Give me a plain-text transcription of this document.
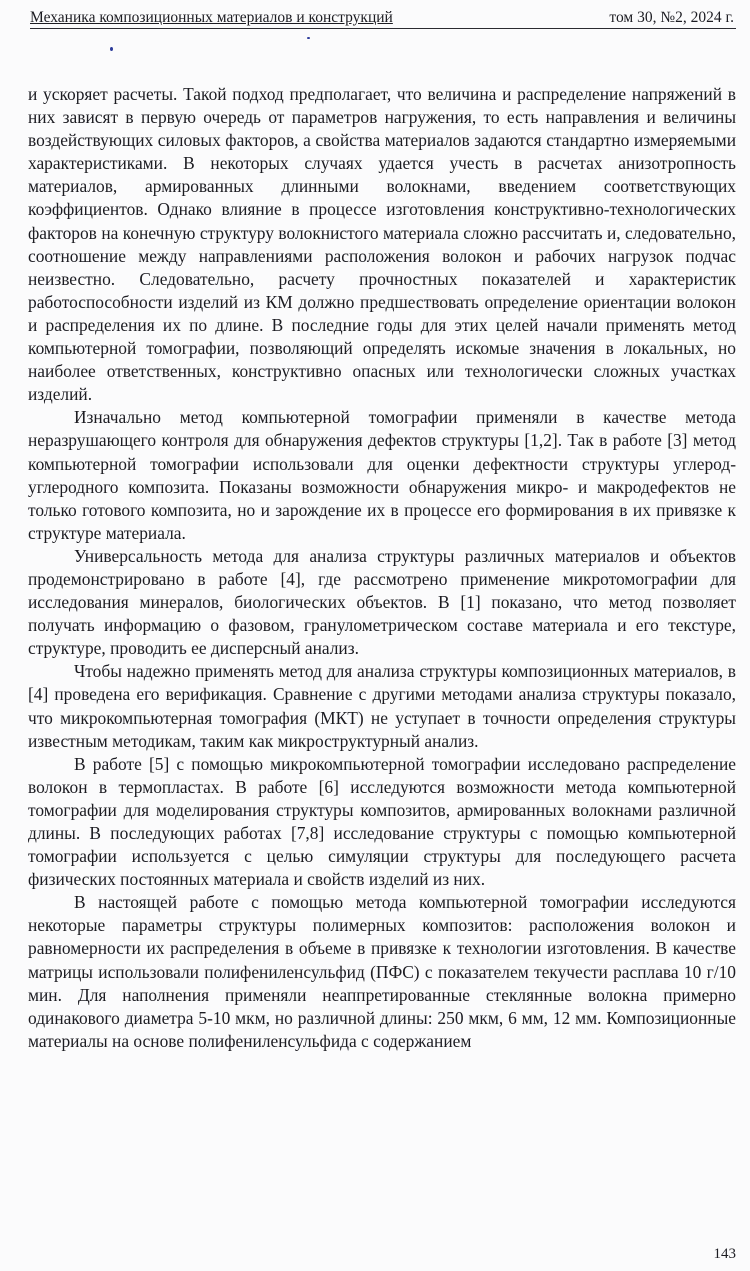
Механика композиционных материалов и конструкций	том 30, №2, 2024 г.

и ускоряет расчеты. Такой подход предполагает, что величина и распределение напряжений в них зависят в первую очередь от параметров нагружения, то есть направления и величины воздействующих силовых факторов, а свойства материалов задаются стандартно измеряемыми характеристиками. В некоторых случаях удается учесть в расчетах анизотропность материалов, армированных длинными волокнами, введением соответствующих коэффициентов. Однако влияние в процессе изготовления конструктивно-технологических факторов на конечную структуру волокнистого материала сложно рассчитать и, следовательно, соотношение между направлениями расположения волокон и рабочих нагрузок подчас неизвестно. Следовательно, расчету прочностных показателей и характеристик работоспособности изделий из КМ должно предшествовать определение ориентации волокон и распределения их по длине. В последние годы для этих целей начали применять метод компьютерной томографии, позволяющий определять искомые значения в локальных, но наиболее ответственных, конструктивно опасных или технологически сложных участках изделий.

Изначально метод компьютерной томографии применяли в качестве метода неразрушающего контроля для обнаружения дефектов структуры [1,2]. Так в работе [3] метод компьютерной томографии использовали для оценки дефектности структуры углерод-углеродного композита. Показаны возможности обнаружения микро- и макродефектов не только готового композита, но и зарождение их в процессе его формирования в их привязке к структуре материала.

Универсальность метода для анализа структуры различных материалов и объектов продемонстрировано в работе [4], где рассмотрено применение микротомографии для исследования минералов, биологических объектов. В [1] показано, что метод позволяет получать информацию о фазовом, гранулометрическом составе материала и его текстуре, структуре, проводить ее дисперсный анализ.

Чтобы надежно применять метод для анализа структуры композиционных материалов, в [4] проведена его верификация. Сравнение с другими методами анализа структуры показало, что микрокомпьютерная томография (МКТ) не уступает в точности определения структуры известным методикам, таким как микроструктурный анализ.

В работе [5] с помощью микрокомпьютерной томографии исследовано распределение волокон в термопластах. В работе [6] исследуются возможности метода компьютерной томографии для моделирования структуры композитов, армированных волокнами различной длины. В последующих работах [7,8] исследование структуры с помощью компьютерной томографии используется с целью симуляции структуры для последующего расчета физических постоянных материала и свойств изделий из них.

В настоящей работе с помощью метода компьютерной томографии исследуются некоторые параметры структуры полимерных композитов: расположения волокон и равномерности их распределения в объеме в привязке к технологии изготовления. В качестве матрицы использовали полифениленсульфид (ПФС) с показателем текучести расплава 10 г/10 мин. Для наполнения применяли неаппретированные стеклянные волокна примерно одинакового диаметра 5-10 мкм, но различной длины: 250 мкм, 6 мм, 12 мм. Композиционные материалы на основе полифениленсульфида с содержанием

143
